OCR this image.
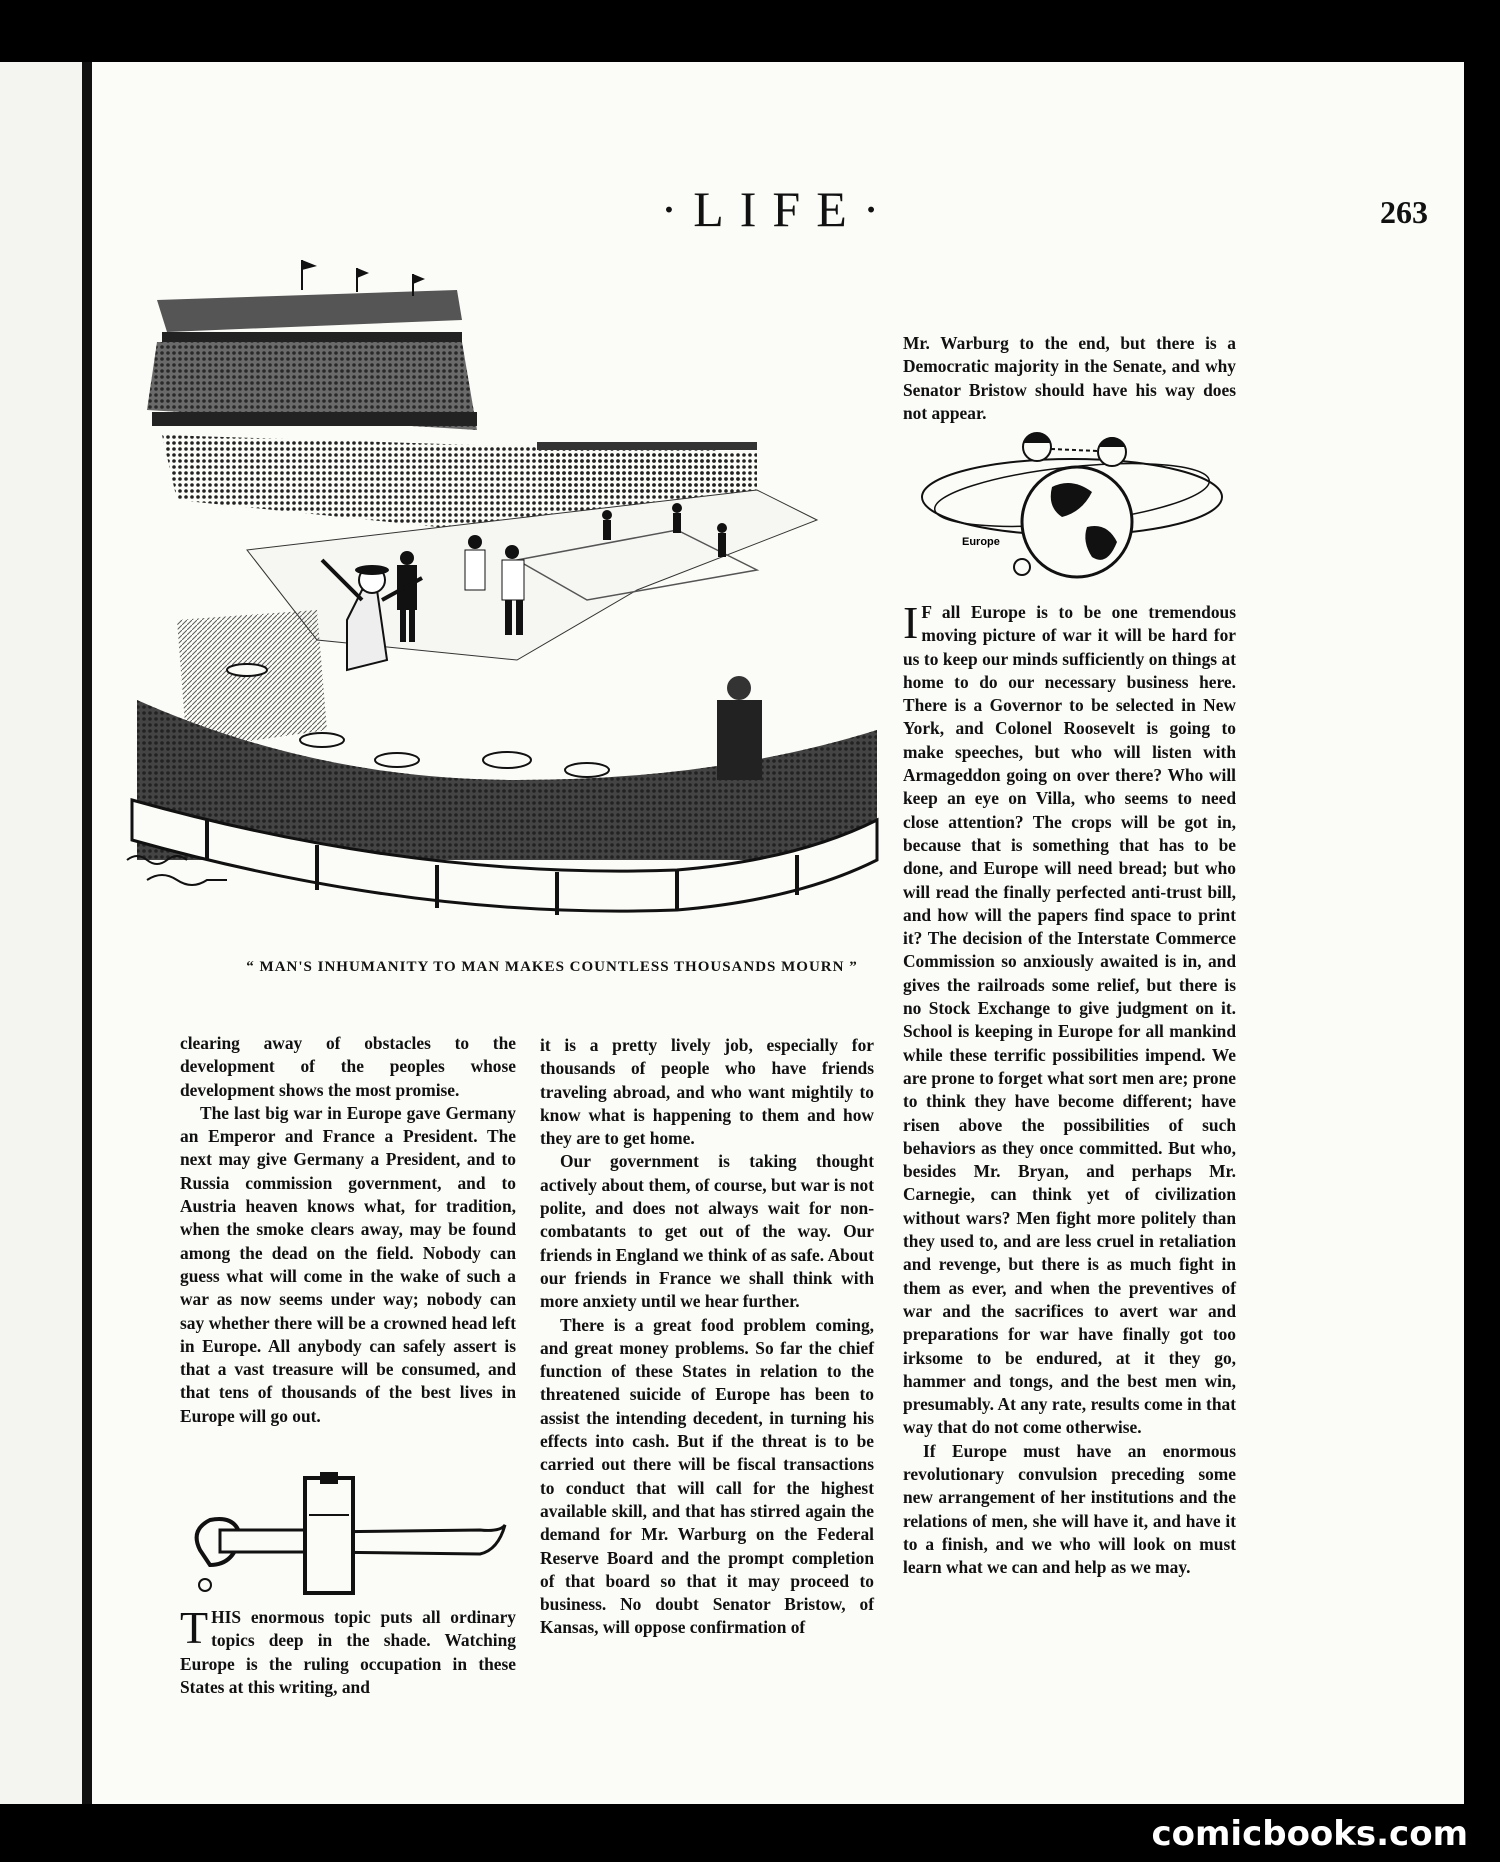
·LIFE·	263
“ MAN'S INHUMANITY TO MAN MAKES COUNTLESS THOUSANDS MOURN ”

clearing away of obstacles to the development of the peoples whose development shows the most promise.

The last big war in Europe gave Germany an Emperor and France a President. The next may give Germany a President, and to Russia commission government, and to Austria heaven knows what, for tradition, when the smoke clears away, may be found among the dead on the field. Nobody can guess what will come in the wake of such a war as now seems under way; nobody can say whether there will be a crowned head left in Europe. All anybody can safely assert is that a vast treasure will be consumed, and that tens of thousands of the best lives in Europe will go out.

THIS enormous topic puts all ordinary topics deep in the shade. Watching Europe is the ruling occupation in these States at this writing, and

it is a pretty lively job, especially for thousands of people who have friends traveling abroad, and who want mightily to know what is happening to them and how they are to get home.

Our government is taking thought actively about them, of course, but war is not polite, and does not always wait for non-combatants to get out of the way. Our friends in England we think of as safe. About our friends in France we shall think with more anxiety until we hear further.

There is a great food problem coming, and great money problems. So far the chief function of these States in relation to the threatened suicide of Europe has been to assist the intending decedent, in turning his effects into cash. But if the threat is to be carried out there will be fiscal transactions to conduct that will call for the highest available skill, and that has stirred again the demand for Mr. Warburg on the Federal Reserve Board and the prompt completion of that board so that it may proceed to business. No doubt Senator Bristow, of Kansas, will oppose confirmation of

Mr. Warburg to the end, but there is a Democratic majority in the Senate, and why Senator Bristow should have his way does not appear.

Europe

I F all Europe is to be one tremendous moving picture of war it will be hard for us to keep our minds sufficiently on things at home to do our necessary business here. There is a Governor to be selected in New York, and Colonel Roosevelt is going to make speeches, but who will listen with Armageddon going on over there? Who will keep an eye on Villa, who seems to need close attention? The crops will be got in, because that is something that has to be done, and Europe will need bread; but who will read the finally perfected anti-trust bill, and how will the papers find space to print it? The decision of the Interstate Commerce Commission so anxiously awaited is in, and gives the railroads some relief, but there is no Stock Exchange to give judgment on it. School is keeping in Europe for all mankind while these terrific possibilities impend. We are prone to forget what sort men are; prone to think they have become different; have risen above the possibilities of such behaviors as they once committed. But who, besides Mr. Bryan, and perhaps Mr. Carnegie, can think yet of civilization without wars? Men fight more politely than they used to, and are less cruel in retaliation and revenge, but there is as much fight in them as ever, and when the preventives of war and the sacrifices to avert war and preparations for war have finally got too irksome to be endured, at it they go, hammer and tongs, and the best men win, presumably. At any rate, results come in that way that do not come otherwise.

If Europe must have an enormous revolutionary convulsion preceding some new arrangement of her institutions and the relations of men, she will have it, and have it to a finish, and we who will look on must learn what we can and help as we may.

comicbooks.com
